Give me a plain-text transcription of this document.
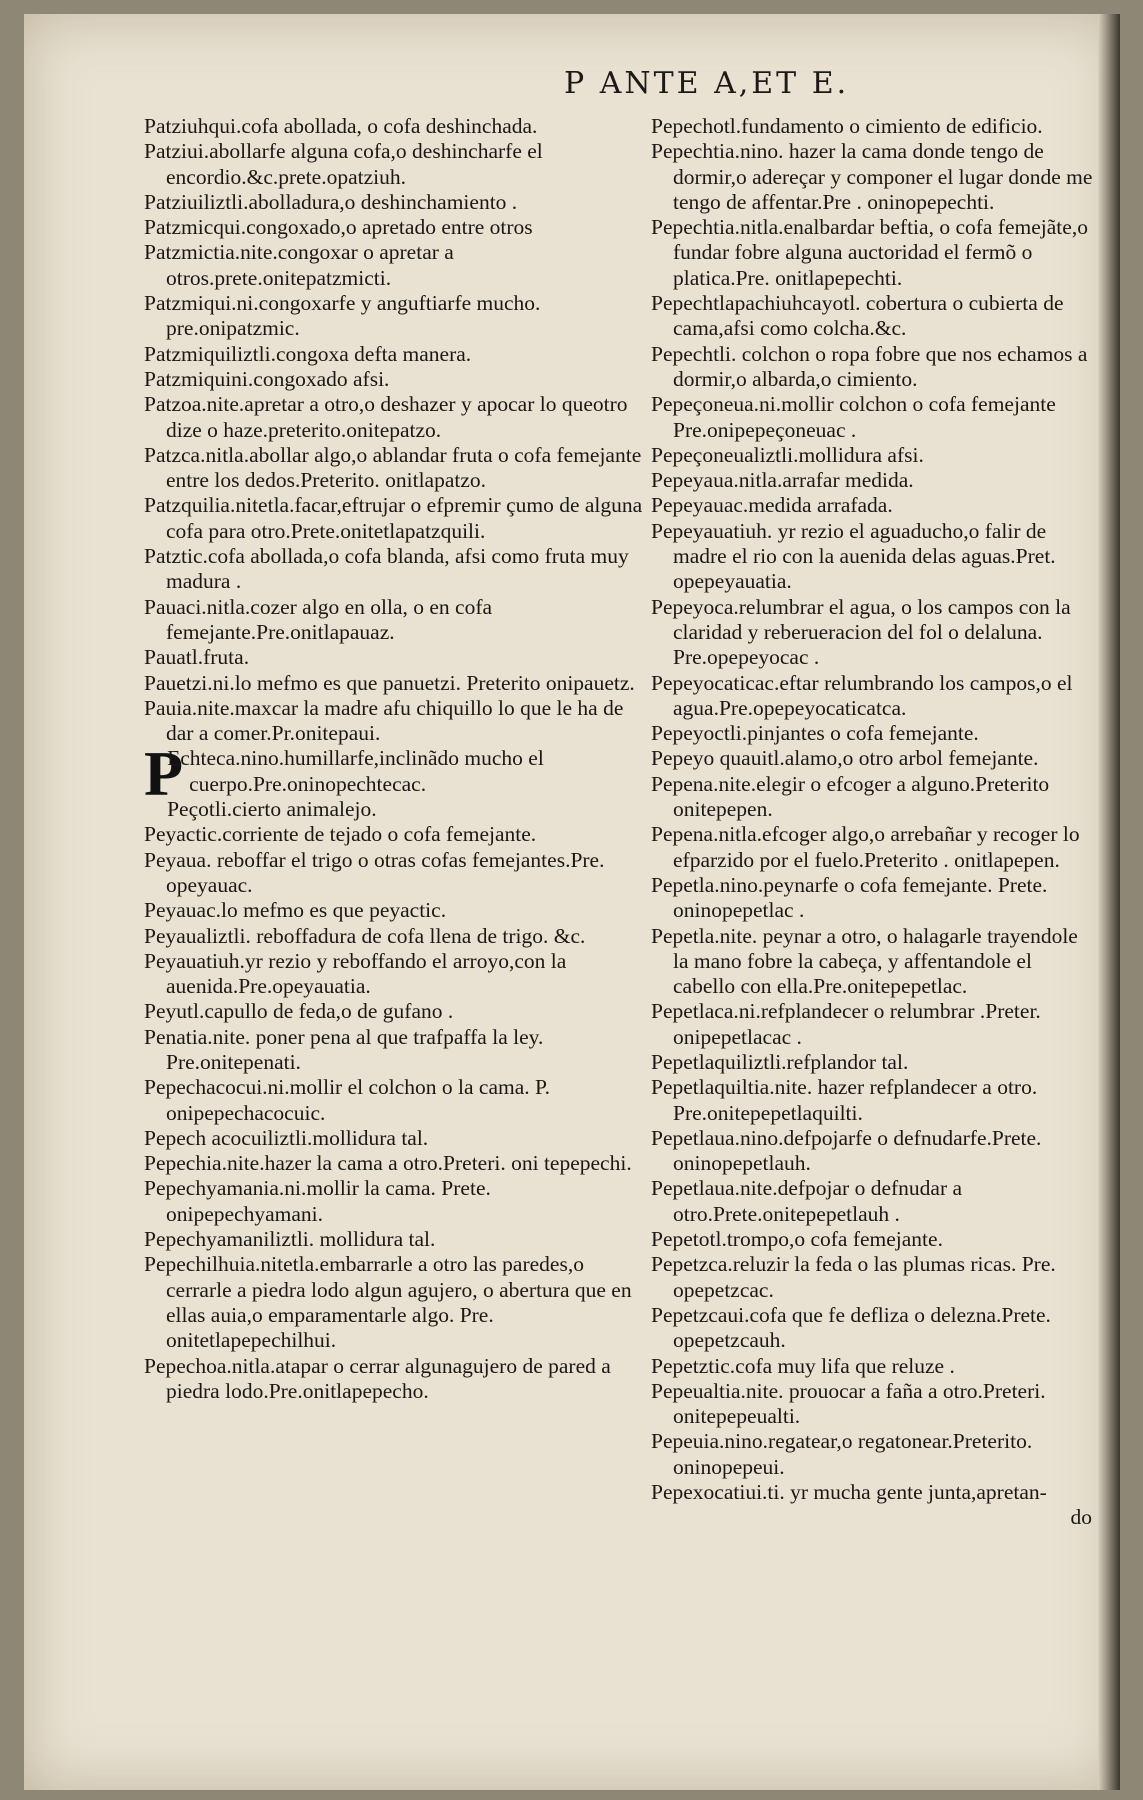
P ANTE A,ET E.

Patziuhqui.cofa abollada, o cofa deshinchada.

Patziui.abollarfe alguna cofa,o deshincharfe el encordio.&c.prete.opatziuh.

Patziuiliztli.abolladura,o deshinchamiento .

Patzmicqui.congoxado,o apretado entre otros

Patzmictia.nite.congoxar o apretar a otros.prete.onitepatzmicti.

Patzmiqui.ni.congoxarfe y anguftiarfe mucho. pre.onipatzmic.

Patzmiquiliztli.congoxa defta manera.

Patzmiquini.congoxado afsi.

Patzoa.nite.apretar a otro,o deshazer y apocar lo queotro dize o haze.preterito.onitepatzo.

Patzca.nitla.abollar algo,o ablandar fruta o cofa femejante entre los dedos.Preterito. onitlapatzo.

Patzquilia.nitetla.facar,eftrujar o efpremir çumo de alguna cofa para otro.Prete.onitetlapatzquili.

Patztic.cofa abollada,o cofa blanda, afsi como fruta muy madura .

Pauaci.nitla.cozer algo en olla, o en cofa femejante.Pre.onitlapauaz.

Pauatl.fruta.

Pauetzi.ni.lo mefmo es que panuetzi. Preterito onipauetz.

Pauia.nite.maxcar la madre afu chiquillo lo que le ha de dar a comer.Pr.onitepaui.

P
Echteca.nino.humillarfe,inclinãdo mucho el cuerpo.Pre.oninopechtecac.

Peçotli.cierto animalejo.

Peyactic.corriente de tejado o cofa femejante.

Peyaua. reboffar el trigo o otras cofas femejantes.Pre. opeyauac.

Peyauac.lo mefmo es que peyactic.

Peyaualiztli. reboffadura de cofa llena de trigo. &c.

Peyauatiuh.yr rezio y reboffando el arroyo,con la auenida.Pre.opeyauatia.

Peyutl.capullo de feda,o de gufano .

Penatia.nite. poner pena al que trafpaffa la ley. Pre.onitepenati.

Pepechacocui.ni.mollir el colchon o la cama. P. onipepechacocuic.

Pepech acocuiliztli.mollidura tal.

Pepechia.nite.hazer la cama a otro.Preteri. oni tepepechi.

Pepechyamania.ni.mollir la cama. Prete. onipepechyamani.

Pepechyamaniliztli. mollidura tal.

Pepechilhuia.nitetla.embarrarle a otro las paredes,o cerrarle a piedra lodo algun agujero, o abertura que en ellas auia,o emparamentarle algo. Pre. onitetlapepechilhui.

Pepechoa.nitla.atapar o cerrar algunagujero de pared a piedra lodo.Pre.onitlapepecho.

Pepechotl.fundamento o cimiento de edificio.

Pepechtia.nino. hazer la cama donde tengo de dormir,o adereçar y componer el lugar donde me tengo de affentar.Pre . oninopepechti.

Pepechtia.nitla.enalbardar beftia, o cofa femejãte,o fundar fobre alguna auctoridad el fermõ o platica.Pre. onitlapepechti.

Pepechtlapachiuhcayotl. cobertura o cubierta de cama,afsi como colcha.&c.

Pepechtli. colchon o ropa fobre que nos echamos a dormir,o albarda,o cimiento.

Pepeçoneua.ni.mollir colchon o cofa femejante Pre.onipepeçoneuac .

Pepeçoneualiztli.mollidura afsi.

Pepeyaua.nitla.arrafar medida.

Pepeyauac.medida arrafada.

Pepeyauatiuh. yr rezio el aguaducho,o falir de madre el rio con la auenida delas aguas.Pret. opepeyauatia.

Pepeyoca.relumbrar el agua, o los campos con la claridad y reberueracion del fol o delaluna. Pre.opepeyocac .

Pepeyocaticac.eftar relumbrando los campos,o el agua.Pre.opepeyocaticatca.

Pepeyoctli.pinjantes o cofa femejante.

Pepeyo quauitl.alamo,o otro arbol femejante.

Pepena.nite.elegir o efcoger a alguno.Preterito onitepepen.

Pepena.nitla.efcoger algo,o arrebañar y recoger lo efparzido por el fuelo.Preterito . onitlapepen.

Pepetla.nino.peynarfe o cofa femejante. Prete. oninopepetlac .

Pepetla.nite. peynar a otro, o halagarle trayendole la mano fobre la cabeça, y affentandole el cabello con ella.Pre.onitepepetlac.

Pepetlaca.ni.refplandecer o relumbrar .Preter. onipepetlacac .

Pepetlaquiliztli.refplandor tal.

Pepetlaquiltia.nite. hazer refplandecer a otro. Pre.onitepepetlaquilti.

Pepetlaua.nino.defpojarfe o defnudarfe.Prete. oninopepetlauh.

Pepetlaua.nite.defpojar o defnudar a otro.Prete.onitepepetlauh .

Pepetotl.trompo,o cofa femejante.

Pepetzca.reluzir la feda o las plumas ricas. Pre. opepetzcac.

Pepetzcaui.cofa que fe defliza o delezna.Prete. opepetzcauh.

Pepetztic.cofa muy lifa que reluze .

Pepeualtia.nite. prouocar a faña a otro.Preteri. onitepepeualti.

Pepeuia.nino.regatear,o regatonear.Preterito. oninopepeui.

Pepexocatiui.ti. yr mucha gente junta,apretan-

do
